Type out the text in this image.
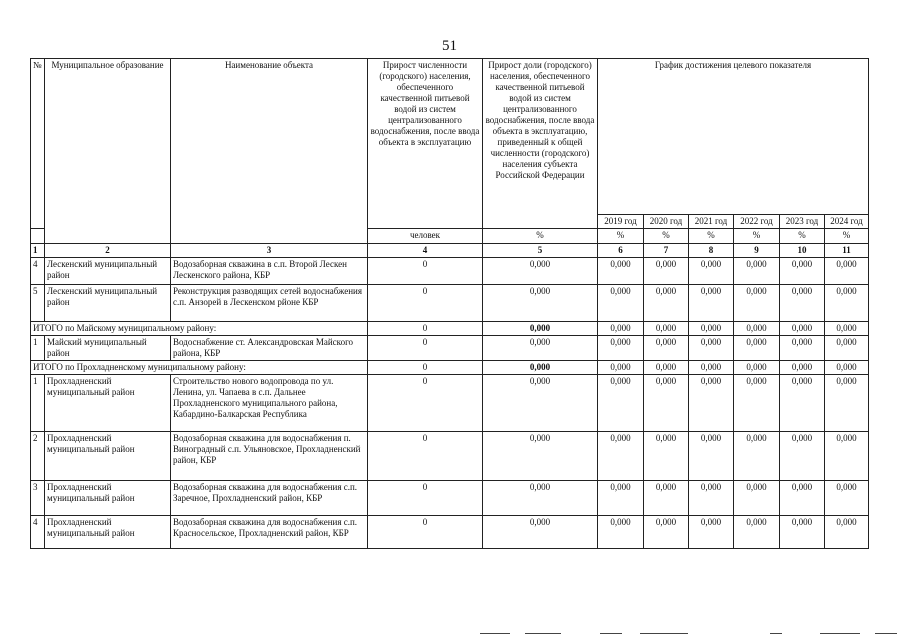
51
№	Муниципальное образование	Наименование объекта	Прирост численности (городского) населения, обеспеченного качественной питьевой водой из систем централизованного водоснабжения, после ввода объекта в эксплуатацию	Прирост доли (городского) населения, обеспеченного качественной питьевой водой из систем централизованного водоснабжения, после ввода объекта в эксплуатацию, приведенный к общей численности (городского) населения субъекта Российской Федерации	График достижения целевого показателя					
					2019 год	2020 год	2021 год	2022 год	2023 год	2024 год
			человек	%	%	%	%	%	%	%
1	2	3	4	5	6	7	8	9	10	11
4	Лескенский муниципальный район	Водозаборная скважина в с.п. Второй Лескен Лескенского района, КБР	0	0,000	0,000	0,000	0,000	0,000	0,000	0,000
5	Лескенский муниципальный район	Реконструкция разводящих сетей водоснабжения с.п. Анзорей в Лескенском рйоне КБР	0	0,000	0,000	0,000	0,000	0,000	0,000	0,000
ИТОГО по Майскому муниципальному району:			0	0,000	0,000	0,000	0,000	0,000	0,000	0,000
1	Майский муниципальный район	Водоснабжение ст. Александровская Майского района, КБР	0	0,000	0,000	0,000	0,000	0,000	0,000	0,000
ИТОГО по Прохладненскому муниципальному району:			0	0,000	0,000	0,000	0,000	0,000	0,000	0,000
1	Прохладненский муниципальный район	Строительство нового водопровода по ул. Ленина, ул. Чапаева в с.п. Дальнее Прохладненского муниципального района, Кабардино-Балкарская Республика	0	0,000	0,000	0,000	0,000	0,000	0,000	0,000
2	Прохладненский муниципальный район	Водозаборная скважина для водоснабжения п. Виноградный с.п. Ульяновское, Прохладненский район, КБР	0	0,000	0,000	0,000	0,000	0,000	0,000	0,000
3	Прохладненский муниципальный район	Водозаборная скважина для водоснабжения с.п. Заречное, Прохладненский район, КБР	0	0,000	0,000	0,000	0,000	0,000	0,000	0,000
4	Прохладненский муниципальный район	Водозаборная скважина для водоснабжения с.п. Красносельское, Прохладненский район, КБР	0	0,000	0,000	0,000	0,000	0,000	0,000	0,000
